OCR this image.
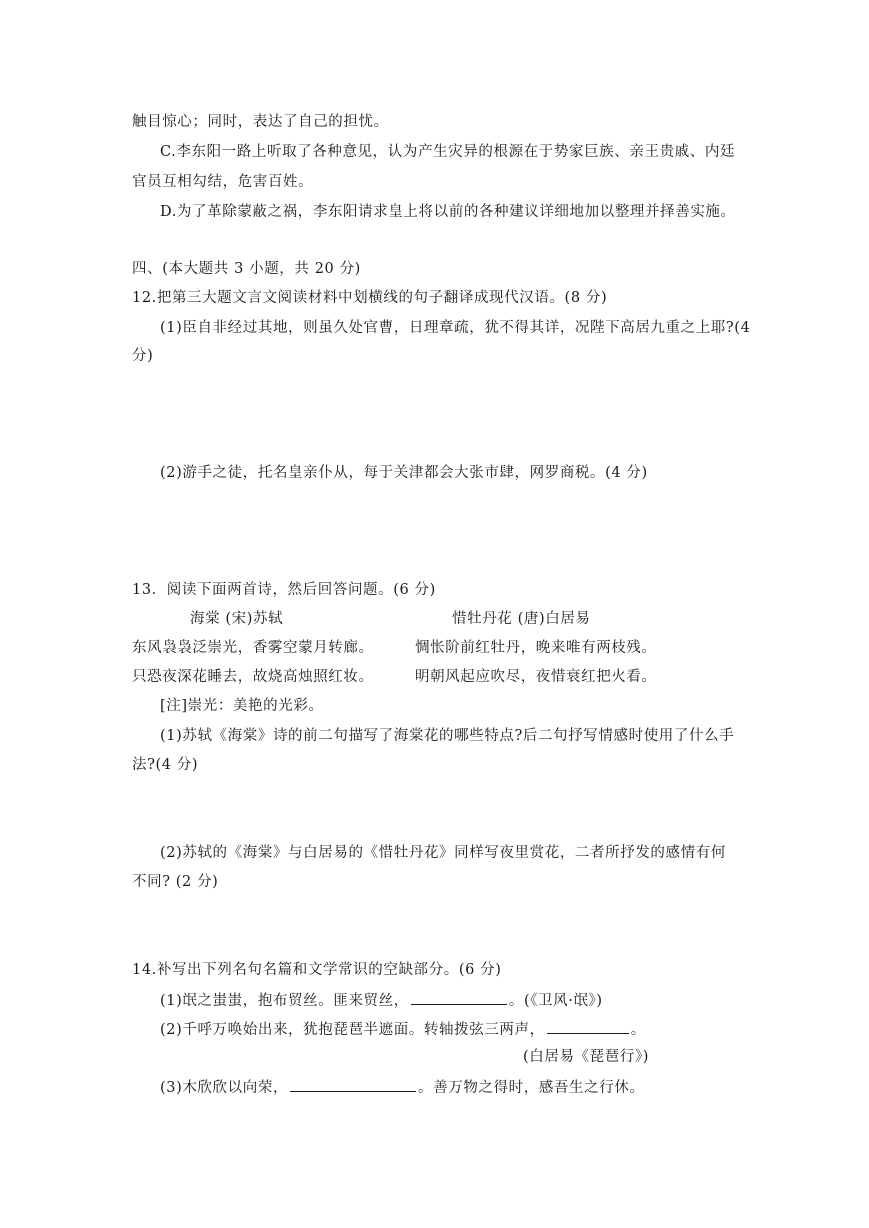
触目惊心；同时，表达了自己的担忧。
C.李东阳一路上听取了各种意见，认为产生灾异的根源在于势家巨族、亲王贵戚、内廷
官员互相勾结，危害百姓。
D.为了革除蒙蔽之祸，李东阳请求皇上将以前的各种建议详细地加以整理并择善实施。
四、(本大题共 3 小题，共 20 分)
12.把第三大题文言文阅读材料中划横线的句子翻译成现代汉语。(8 分)
(1)臣自非经过其地，则虽久处官曹，日理章疏，犹不得其详，况陛下高居九重之上耶?(4
分)
(2)游手之徒，托名皇亲仆从，每于关津都会大张市肆，网罗商税。(4 分)
13．阅读下面两首诗，然后回答问题。(6 分)
海棠 (宋)苏轼	惜牡丹花 (唐)白居易
东风袅袅泛崇光，香雾空蒙月转廊。	惆怅阶前红牡丹，晚来唯有两枝残。
只恐夜深花睡去，故烧高烛照红妆。	明朝风起应吹尽，夜惜衰红把火看。
[注]崇光：美艳的光彩。
(1)苏轼《海棠》诗的前二句描写了海棠花的哪些特点?后二句抒写情感时使用了什么手
法?(4 分)
(2)苏轼的《海棠》与白居易的《惜牡丹花》同样写夜里赏花，二者所抒发的感情有何
不同? (2 分)
14.补写出下列名句名篇和文学常识的空缺部分。(6 分)
(1)氓之蚩蚩，抱布贸丝。匪来贸丝，	。(《卫风·氓》)
(2)千呼万唤始出来，犹抱琵琶半遮面。转轴拨弦三两声，	。
(白居易《琵琶行》)
(3)木欣欣以向荣，	。善万物之得时，感吾生之行休。
